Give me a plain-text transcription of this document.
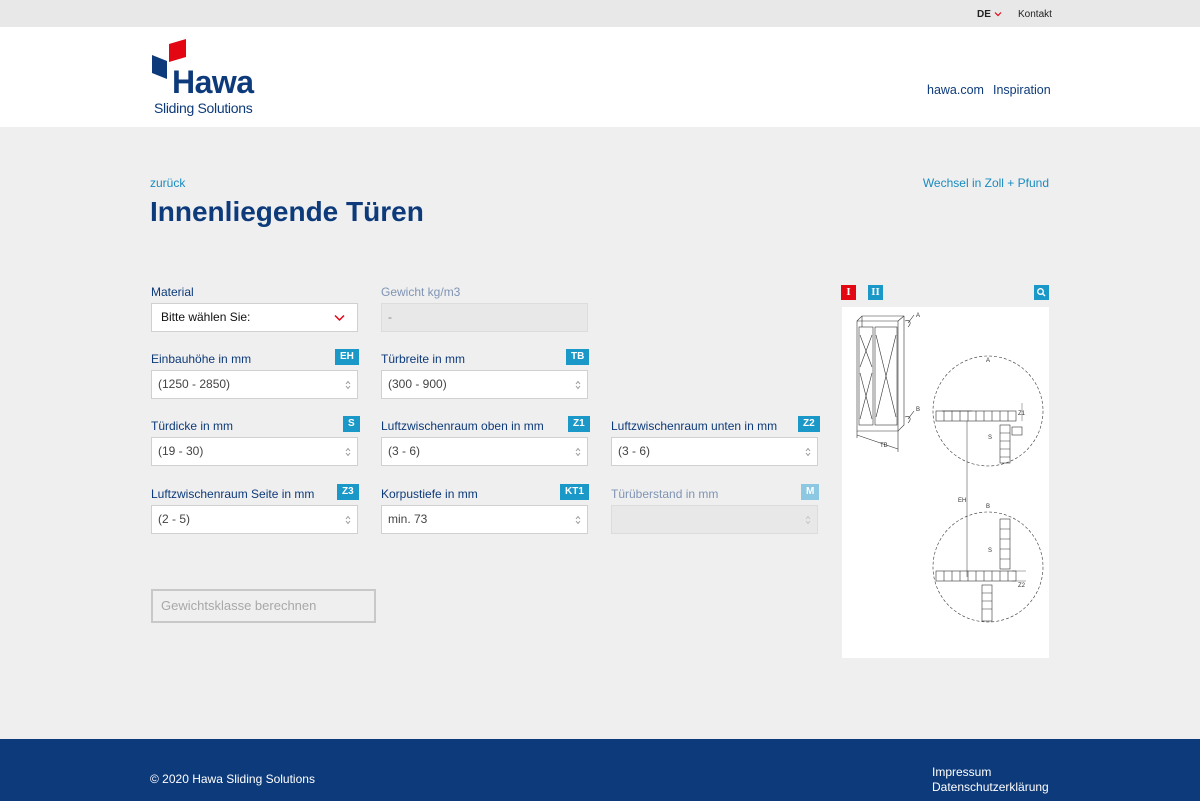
DE	Kontakt
Hawa
Sliding Solutions
hawa.com Inspiration
zurück	Wechsel in Zoll + Pfund
Innenliegende Türen
Material
Bitte wählen Sie:
Gewicht kg/m3
-
Einbauhöhe in mm	EH
(1250 - 2850)
Türbreite in mm	TB
(300 - 900)
Türdicke in mm	S
(19 - 30)
Luftzwischenraum oben in mm	Z1
(3 - 6)
Luftzwischenraum unten in mm	Z2
(3 - 6)
Luftzwischenraum Seite in mm	Z3
(2 - 5)
Korpustiefe in mm	KT1
min. 73
Türüberstand in mm	M
Gewichtsklasse berechnen
I	II
A
B
TB
A
B
S
S
EH
Z1
Z2
© 2020 Hawa Sliding Solutions	Impressum
Datenschutzerklärung
